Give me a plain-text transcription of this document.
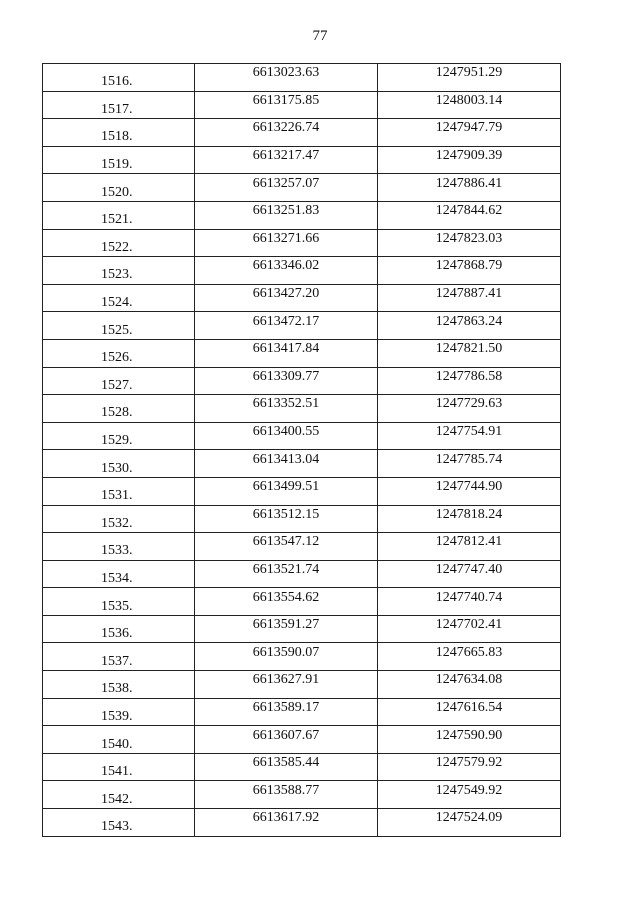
77
1516.	6613023.63	1247951.29
1517.	6613175.85	1248003.14
1518.	6613226.74	1247947.79
1519.	6613217.47	1247909.39
1520.	6613257.07	1247886.41
1521.	6613251.83	1247844.62
1522.	6613271.66	1247823.03
1523.	6613346.02	1247868.79
1524.	6613427.20	1247887.41
1525.	6613472.17	1247863.24
1526.	6613417.84	1247821.50
1527.	6613309.77	1247786.58
1528.	6613352.51	1247729.63
1529.	6613400.55	1247754.91
1530.	6613413.04	1247785.74
1531.	6613499.51	1247744.90
1532.	6613512.15	1247818.24
1533.	6613547.12	1247812.41
1534.	6613521.74	1247747.40
1535.	6613554.62	1247740.74
1536.	6613591.27	1247702.41
1537.	6613590.07	1247665.83
1538.	6613627.91	1247634.08
1539.	6613589.17	1247616.54
1540.	6613607.67	1247590.90
1541.	6613585.44	1247579.92
1542.	6613588.77	1247549.92
1543.	6613617.92	1247524.09
